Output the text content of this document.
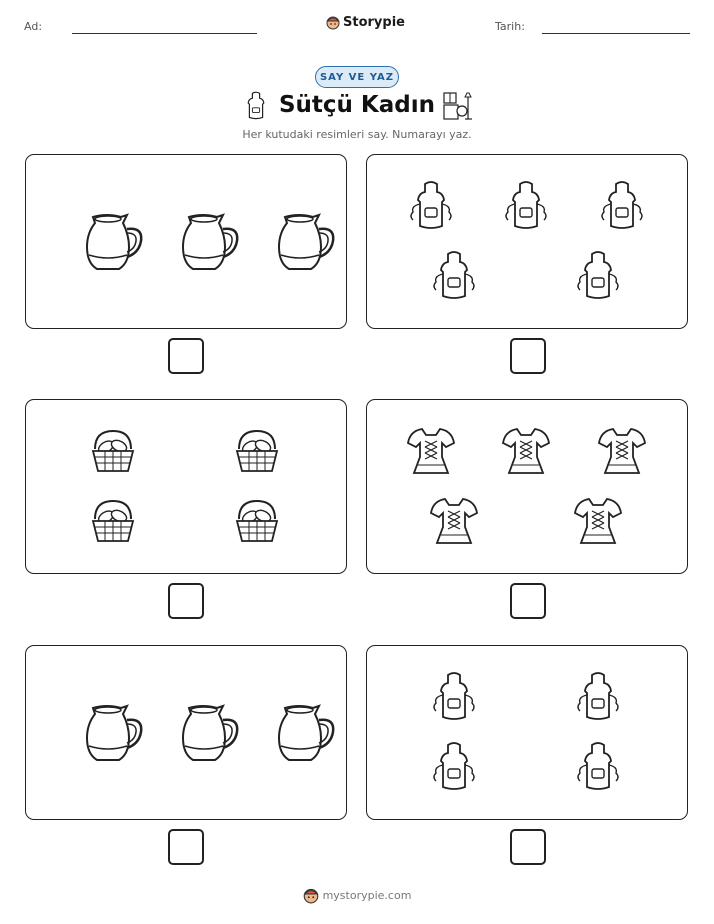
Ad:	Storypie	Tarih:
SAY VE YAZ
Sütçü Kadın
Her kutudaki resimleri say. Numarayı yaz.
mystorypie.com
